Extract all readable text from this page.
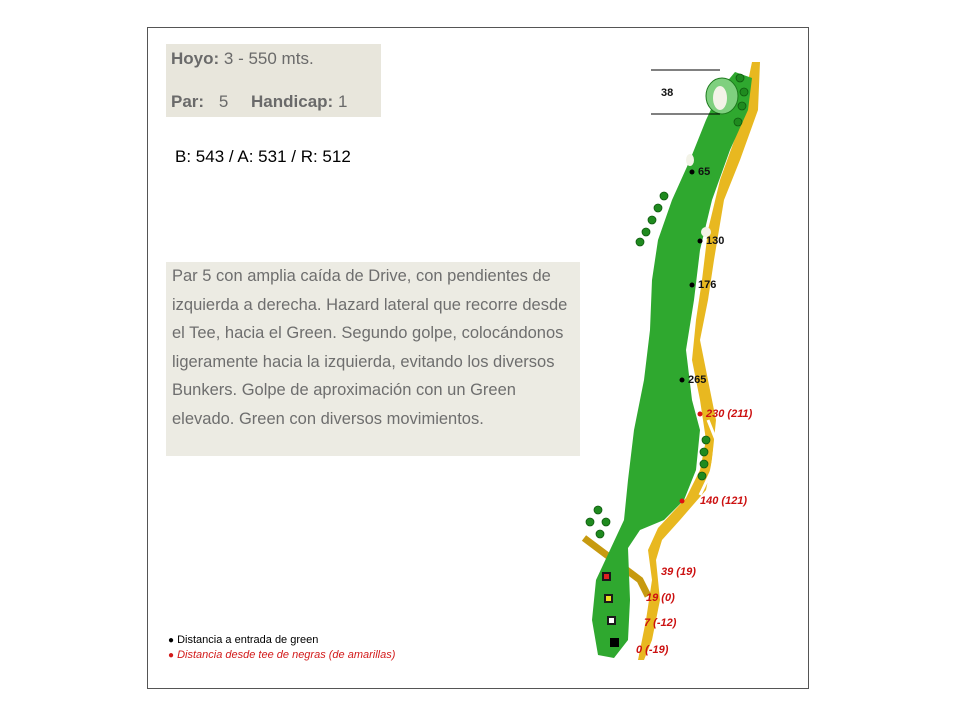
Hoyo: 3 - 550 mts.
Par: 5 Handicap: 1
B: 543 / A: 531 / R: 512

Par 5 con amplia caída de Drive, con pendientes de izquierda a derecha. Hazard lateral que recorre desde el Tee, hacia el Green. Segundo golpe, colocándonos ligeramente hacia la izquierda, evitando los diversos Bunkers. Golpe de aproximación con un Green elevado. Green con diversos movimientos.

38
65
130
176
265
230 (211)
140 (121)
39 (19)
19 (0)
7 (-12)
0 (-19)
● Distancia a entrada de green
● Distancia desde tee de negras (de amarillas)
